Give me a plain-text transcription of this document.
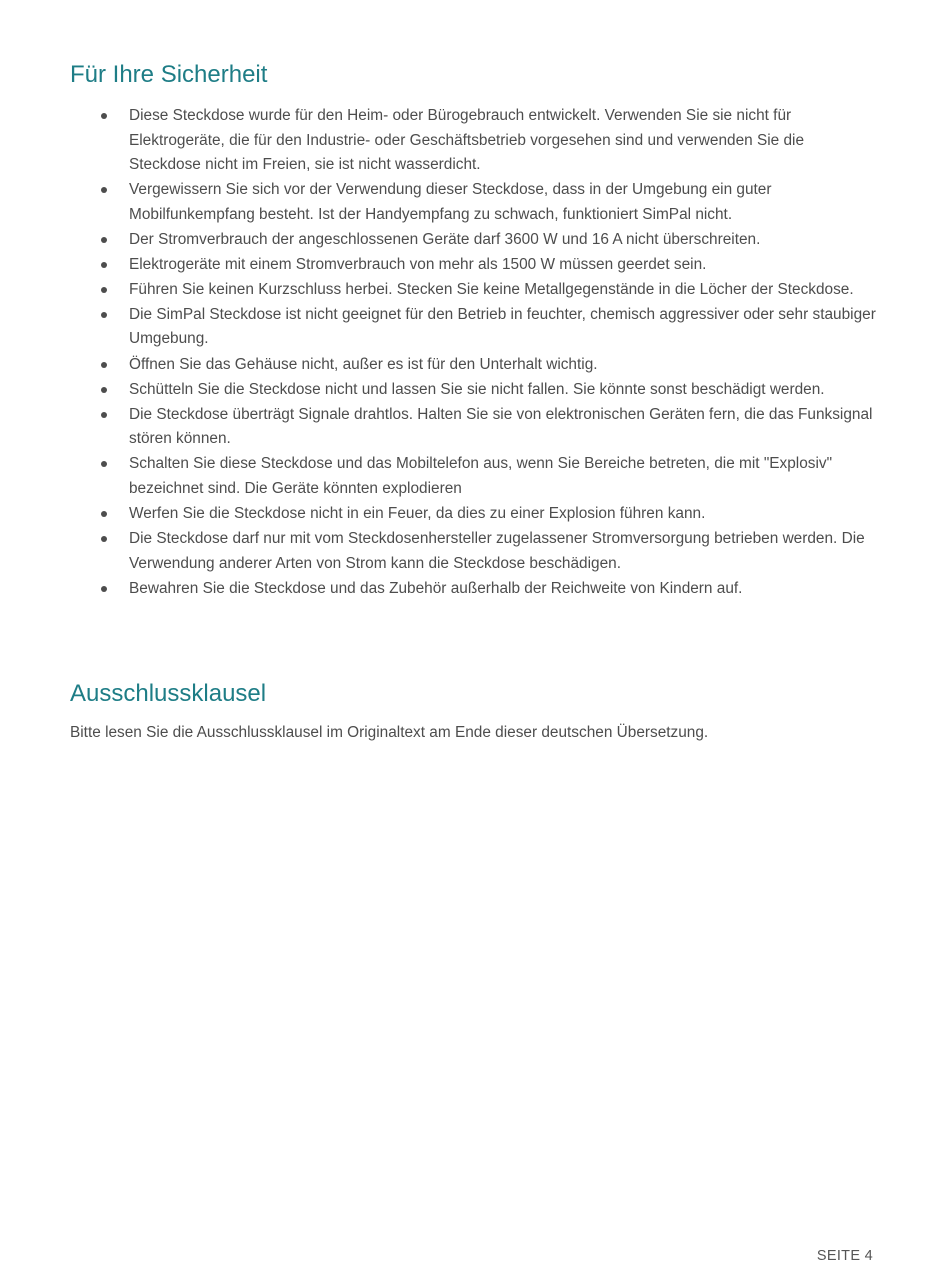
Für Ihre Sicherheit
Diese Steckdose wurde für den Heim- oder Bürogebrauch entwickelt. Verwenden Sie sie nicht für Elektrogeräte, die für den Industrie- oder Geschäftsbetrieb vorgesehen sind und verwenden Sie die Steckdose nicht im Freien, sie ist nicht wasserdicht.
Vergewissern Sie sich vor der Verwendung dieser Steckdose, dass in der Umgebung ein guter Mobilfunkempfang besteht. Ist der Handyempfang zu schwach, funktioniert SimPal nicht.
Der Stromverbrauch der angeschlossenen Geräte darf 3600 W und 16 A nicht überschreiten.
Elektrogeräte mit einem Stromverbrauch von mehr als 1500 W müssen geerdet sein.
Führen Sie keinen Kurzschluss herbei. Stecken Sie keine Metallgegenstände in die Löcher der Steckdose.
Die SimPal Steckdose ist nicht geeignet für den Betrieb in feuchter, chemisch aggressiver oder sehr staubiger Umgebung.
Öffnen Sie das Gehäuse nicht, außer es ist für den Unterhalt wichtig.
Schütteln Sie die Steckdose nicht und lassen Sie sie nicht fallen. Sie könnte sonst beschädigt werden.
Die Steckdose überträgt Signale drahtlos. Halten Sie sie von elektronischen Geräten fern, die das Funksignal stören können.
Schalten Sie diese Steckdose und das Mobiltelefon aus, wenn Sie Bereiche betreten, die mit "Explosiv" bezeichnet sind. Die Geräte könnten explodieren
Werfen Sie die Steckdose nicht in ein Feuer, da dies zu einer Explosion führen kann.
Die Steckdose darf nur mit vom Steckdosenhersteller zugelassener Stromversorgung betrieben werden. Die Verwendung anderer Arten von Strom kann die Steckdose beschädigen.
Bewahren Sie die Steckdose und das Zubehör außerhalb der Reichweite von Kindern auf.
Ausschlussklausel

Bitte lesen Sie die Ausschlussklausel im Originaltext am Ende dieser deutschen Übersetzung.

SEITE 4
